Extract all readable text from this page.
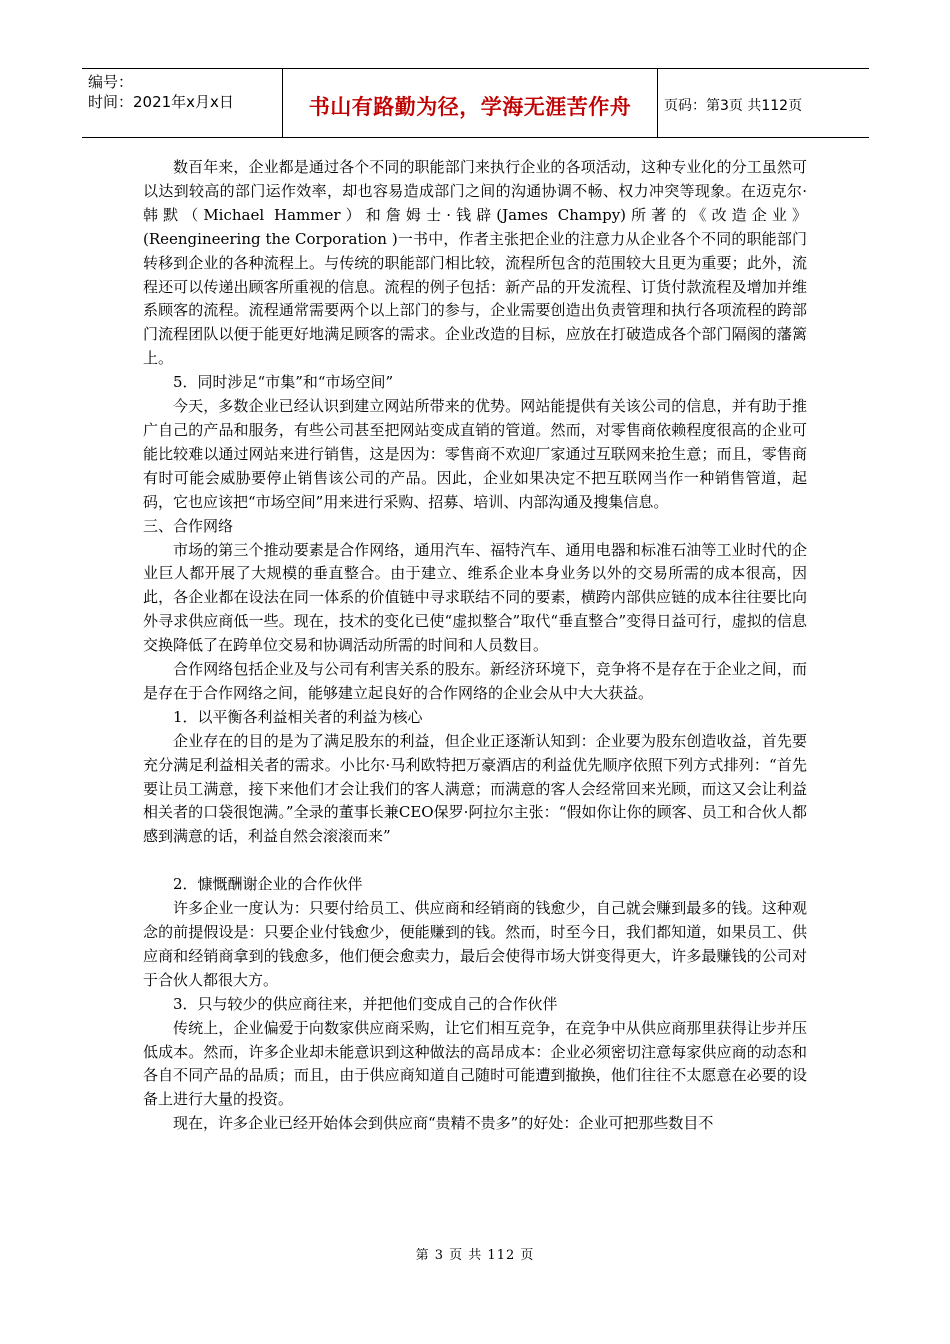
编号：
时间：2021年x月x日	书山有路勤为径，学海无涯苦作舟	页码：第3页 共112页

数百年来，企业都是通过各个不同的职能部门来执行企业的各项活动，这种专业化的分工虽然可以达到较高的部门运作效率，却也容易造成部门之间的沟通协调不畅、权力冲突等现象。在迈克尔·韩默（Michael Hammer）和詹姆士·钱辟(James Champy)所著的《改造企业》(Reengineering the Corporation )一书中，作者主张把企业的注意力从企业各个不同的职能部门转移到企业的各种流程上。与传统的职能部门相比较，流程所包含的范围较大且更为重要；此外，流程还可以传递出顾客所重视的信息。流程的例子包括：新产品的开发流程、订货付款流程及增加并维系顾客的流程。流程通常需要两个以上部门的参与，企业需要创造出负责管理和执行各项流程的跨部门流程团队以便于能更好地满足顾客的需求。企业改造的目标，应放在打破造成各个部门隔阂的藩篱上。

5．同时涉足“市集”和“市场空间”

今天，多数企业已经认识到建立网站所带来的优势。网站能提供有关该公司的信息，并有助于推广自己的产品和服务，有些公司甚至把网站变成直销的管道。然而，对零售商依赖程度很高的企业可能比较难以通过网站来进行销售，这是因为：零售商不欢迎厂家通过互联网来抢生意；而且，零售商有时可能会威胁要停止销售该公司的产品。因此，企业如果决定不把互联网当作一种销售管道，起码，它也应该把“市场空间”用来进行采购、招募、培训、内部沟通及搜集信息。

三、合作网络

市场的第三个推动要素是合作网络，通用汽车、福特汽车、通用电器和标准石油等工业时代的企业巨人都开展了大规模的垂直整合。由于建立、维系企业本身业务以外的交易所需的成本很高，因此，各企业都在设法在同一体系的价值链中寻求联结不同的要素，横跨内部供应链的成本往往要比向外寻求供应商低一些。现在，技术的变化已使“虚拟整合”取代“垂直整合”变得日益可行，虚拟的信息交换降低了在跨单位交易和协调活动所需的时间和人员数目。

合作网络包括企业及与公司有利害关系的股东。新经济环境下，竞争将不是存在于企业之间，而是存在于合作网络之间，能够建立起良好的合作网络的企业会从中大大获益。

1．以平衡各利益相关者的利益为核心

企业存在的目的是为了满足股东的利益，但企业正逐渐认知到：企业要为股东创造收益，首先要充分满足利益相关者的需求。小比尔·马利欧特把万豪酒店的利益优先顺序依照下列方式排列：“首先要让员工满意，接下来他们才会让我们的客人满意；而满意的客人会经常回来光顾，而这又会让利益相关者的口袋很饱满。”全录的董事长兼CEO保罗·阿拉尔主张：“假如你让你的顾客、员工和合伙人都感到满意的话，利益自然会滚滚而来”

2．慷慨酬谢企业的合作伙伴

许多企业一度认为：只要付给员工、供应商和经销商的钱愈少，自己就会赚到最多的钱。这种观念的前提假设是：只要企业付钱愈少，便能赚到的钱。然而，时至今日，我们都知道，如果员工、供应商和经销商拿到的钱愈多，他们便会愈卖力，最后会使得市场大饼变得更大，许多最赚钱的公司对于合伙人都很大方。

3．只与较少的供应商往来，并把他们变成自己的合作伙伴

传统上，企业偏爱于向数家供应商采购，让它们相互竞争，在竞争中从供应商那里获得让步并压低成本。然而，许多企业却未能意识到这种做法的高昂成本：企业必须密切注意每家供应商的动态和各自不同产品的品质；而且，由于供应商知道自己随时可能遭到撤换，他们往往不太愿意在必要的设备上进行大量的投资。

现在，许多企业已经开始体会到供应商“贵精不贵多”的好处：企业可把那些数目不

第 3 页 共 112 页
